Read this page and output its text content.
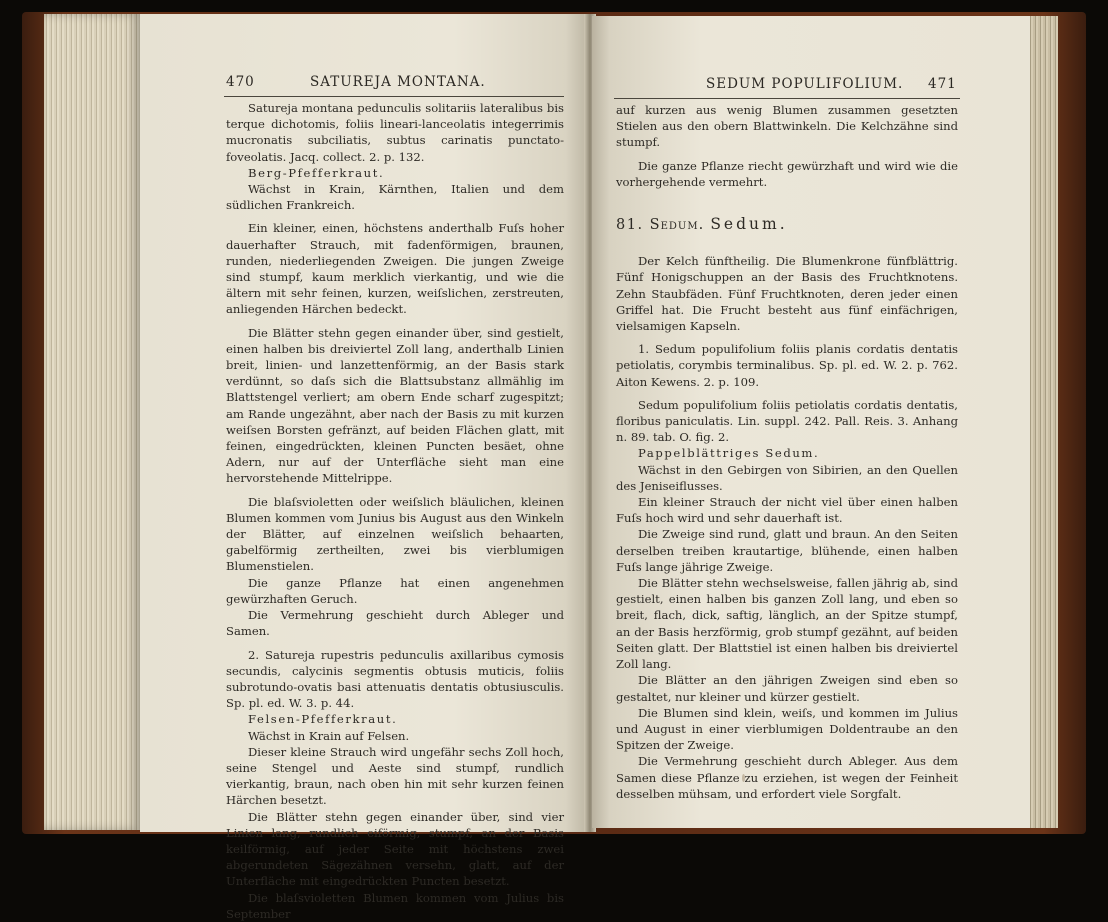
470	SATUREJA MONTANA.

Satureja montana pedunculis solitariis lateralibus bis terque dichotomis, foliis lineari-lanceolatis integerrimis mucronatis subciliatis, subtus carinatis punctato-foveolatis. Jacq. collect. 2. p. 132.

Berg-Pfefferkraut.

Wächst in Krain, Kärnthen, Italien und dem südlichen Frankreich.

Ein kleiner, einen, höchstens anderthalb Fuſs hoher dauerhafter Strauch, mit fadenförmigen, braunen, runden, niederliegenden Zweigen. Die jungen Zweige sind stumpf, kaum merklich vierkantig, und wie die ältern mit sehr feinen, kurzen, weiſslichen, zerstreuten, anliegenden Härchen bedeckt.

Die Blätter stehn gegen einander über, sind gestielt, einen halben bis dreiviertel Zoll lang, anderthalb Linien breit, linien- und lanzettenförmig, an der Basis stark verdünnt, so daſs sich die Blattsubstanz allmählig im Blattstengel verliert; am obern Ende scharf zugespitzt; am Rande ungezähnt, aber nach der Basis zu mit kurzen weiſsen Borsten gefränzt, auf beiden Flächen glatt, mit feinen, eingedrückten, kleinen Puncten besäet, ohne Adern, nur auf der Unterfläche sieht man eine hervorstehende Mittelrippe.

Die blaſsvioletten oder weiſslich bläulichen, kleinen Blumen kommen vom Junius bis August aus den Winkeln der Blätter, auf einzelnen weiſslich behaarten, gabelförmig zertheilten, zwei bis vierblumigen Blumenstielen.

Die ganze Pflanze hat einen angenehmen gewürzhaften Geruch.

Die Vermehrung geschieht durch Ableger und Samen.

2. Satureja rupestris pedunculis axillaribus cymosis secundis, calycinis segmentis obtusis muticis, foliis subrotundo-ovatis basi attenuatis dentatis obtusiusculis. Sp. pl. ed. W. 3. p. 44.

Felsen-Pfefferkraut.

Wächst in Krain auf Felsen.

Dieser kleine Strauch wird ungefähr sechs Zoll hoch, seine Stengel und Aeste sind stumpf, rundlich vierkantig, braun, nach oben hin mit sehr kurzen feinen Härchen besetzt.

Die Blätter stehn gegen einander über, sind vier Linien lang, rundlich eiförmig, stumpf, an der Basis keilförmig, auf jeder Seite mit höchstens zwei abgerundeten Sägezähnen versehn, glatt, auf der Unterfläche mit eingedrückten Puncten besetzt.

Die blaſsvioletten Blumen kommen vom Julius bis September

SEDUM POPULIFOLIUM. 471

auf kurzen aus wenig Blumen zusammen gesetzten Stielen aus den obern Blattwinkeln. Die Kelchzähne sind stumpf.

Die ganze Pflanze riecht gewürzhaft und wird wie die vorhergehende vermehrt.

81. Sedum. Sedum.

Der Kelch fünftheilig. Die Blumenkrone fünfblättrig. Fünf Honigschuppen an der Basis des Fruchtknotens. Zehn Staubfäden. Fünf Fruchtknoten, deren jeder einen Griffel hat. Die Frucht besteht aus fünf einfächrigen, vielsamigen Kapseln.

1. Sedum populifolium foliis planis cordatis dentatis petiolatis, corymbis terminalibus. Sp. pl. ed. W. 2. p. 762. Aiton Kewens. 2. p. 109.

Sedum populifolium foliis petiolatis cordatis dentatis, floribus paniculatis. Lin. suppl. 242. Pall. Reis. 3. Anhang n. 89. tab. O. fig. 2.

Pappelblättriges Sedum.

Wächst in den Gebirgen von Sibirien, an den Quellen des Jeniseiflusses.

Ein kleiner Strauch der nicht viel über einen halben Fuſs hoch wird und sehr dauerhaft ist.

Die Zweige sind rund, glatt und braun. An den Seiten derselben treiben krautartige, blühende, einen halben Fuſs lange jährige Zweige.

Die Blätter stehn wechselsweise, fallen jährig ab, sind gestielt, einen halben bis ganzen Zoll lang, und eben so breit, flach, dick, saftig, länglich, an der Spitze stumpf, an der Basis herzförmig, grob stumpf gezähnt, auf beiden Seiten glatt. Der Blattstiel ist einen halben bis dreiviertel Zoll lang.

Die Blätter an den jährigen Zweigen sind eben so gestaltet, nur kleiner und kürzer gestielt.

Die Blumen sind klein, weiſs, und kommen im Julius und August in einer vierblumigen Doldentraube an den Spitzen der Zweige.

Die Vermehrung geschieht durch Ableger. Aus dem Samen diese Pflanze zu erziehen, ist wegen der Feinheit desselben mühsam, und erfordert viele Sorgfalt.
